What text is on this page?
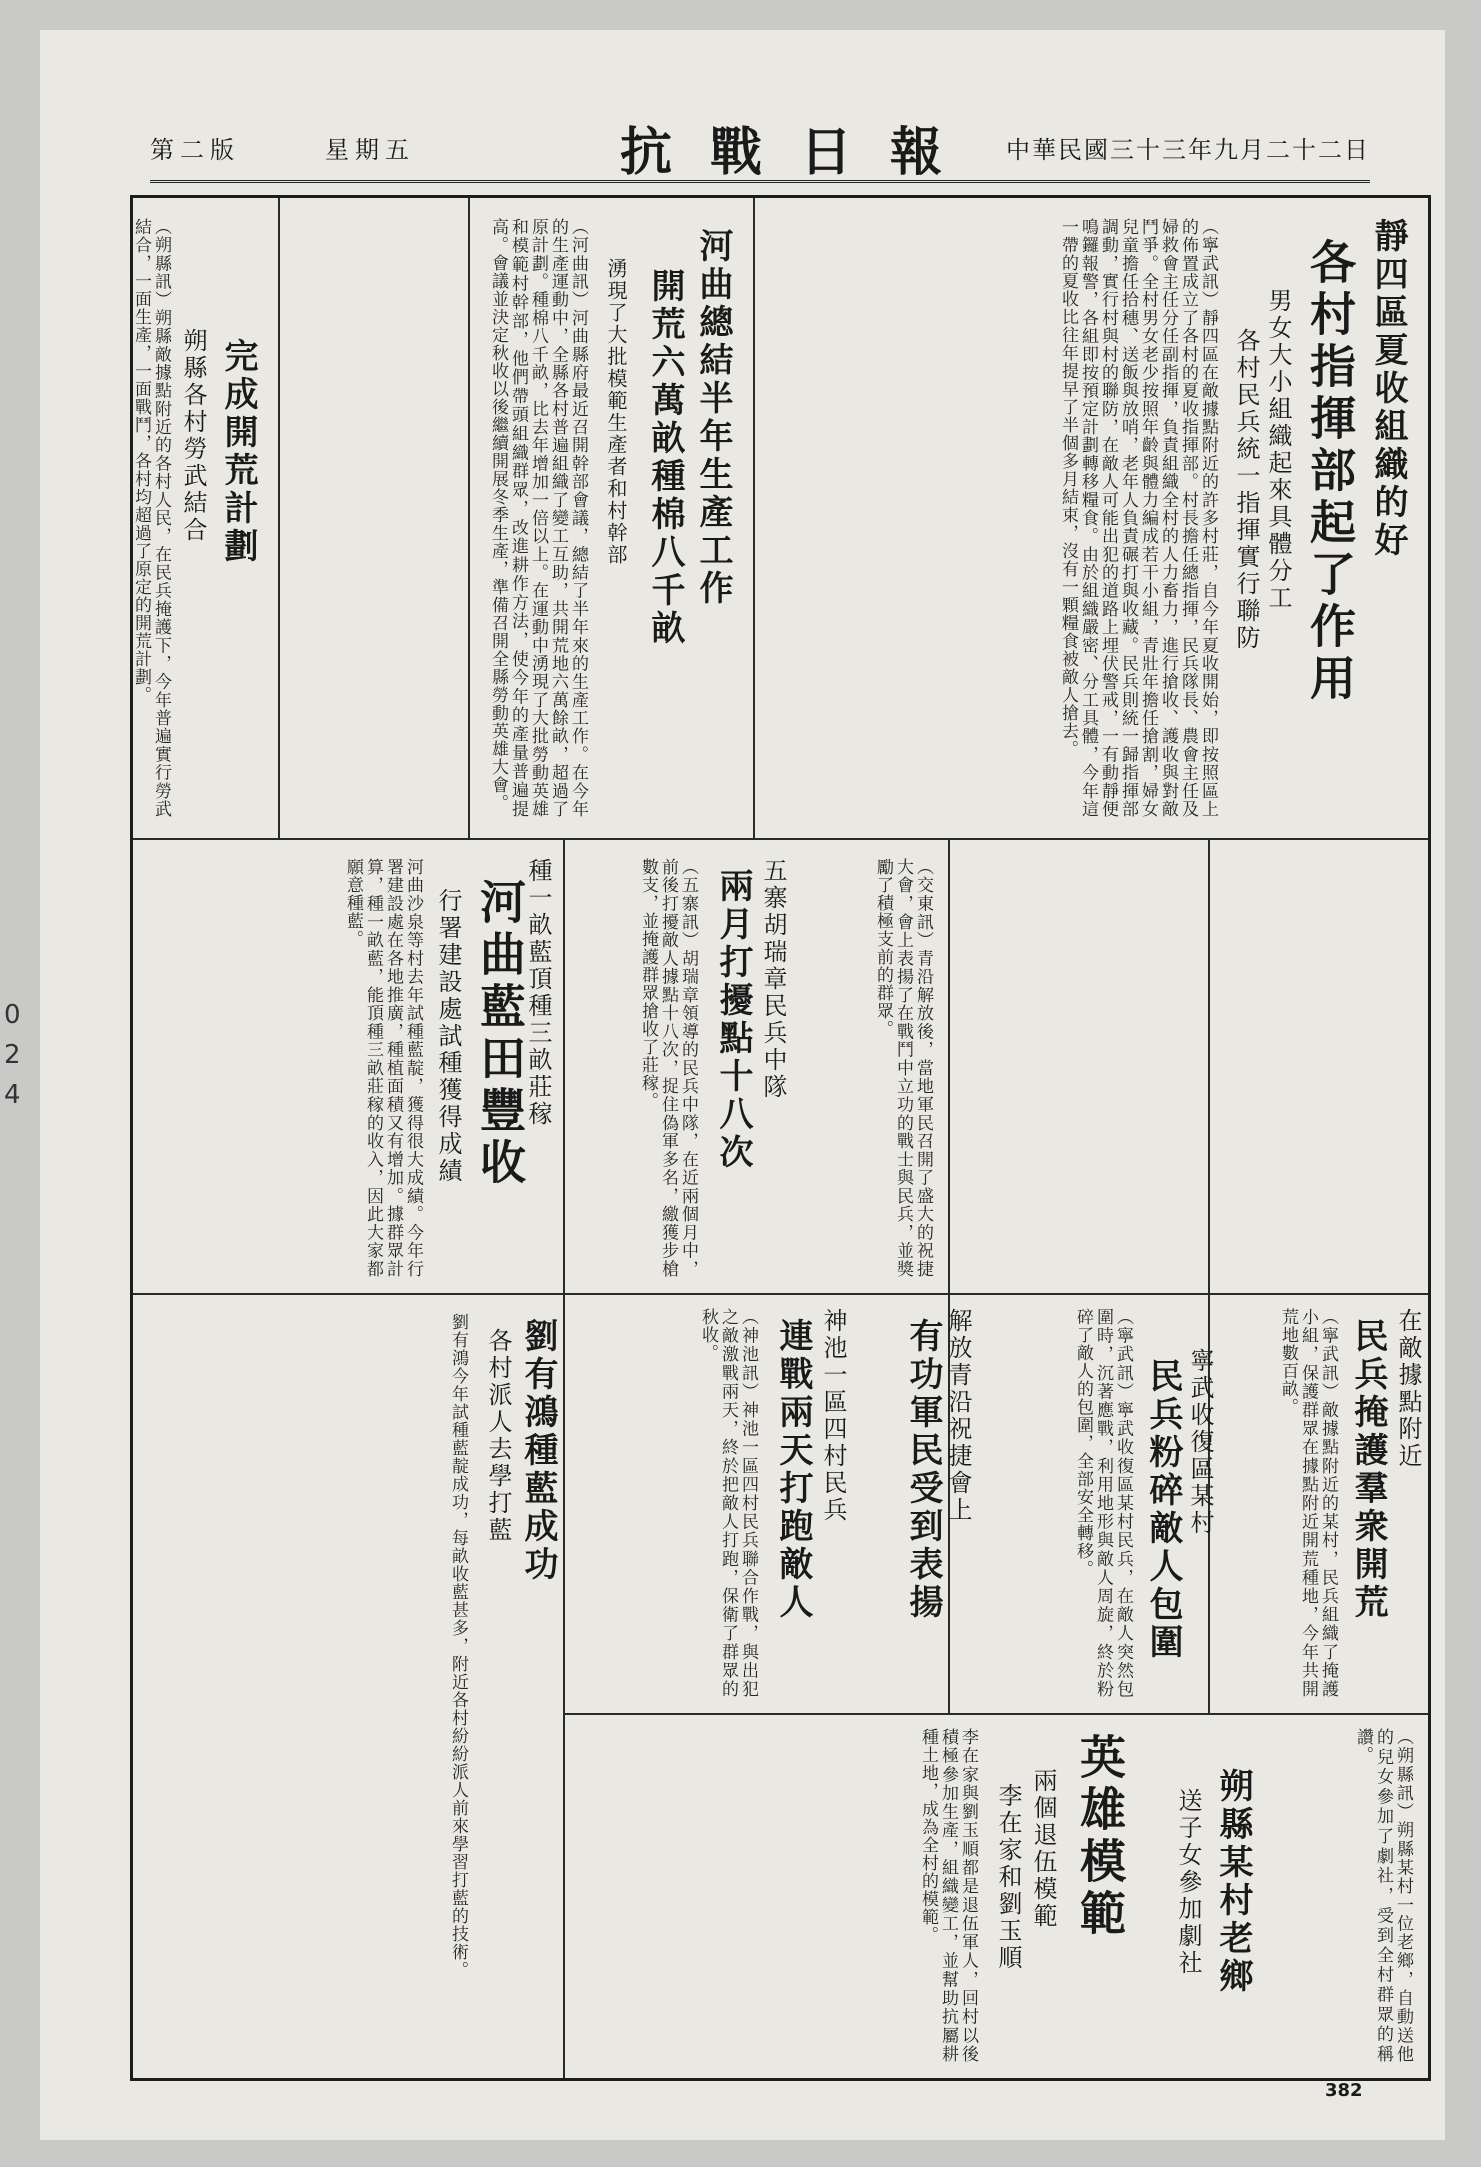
第二版	星期五	抗戰日報 中華民國三十三年九月二十二日
各村指揮部起了作用 靜四區夏收組織的好
男女大小組織起來具體分工
各村民兵統一指揮實行聯防
（寧武訊）靜四區在敵據點附近的許多村莊，自今年夏收開始，即按照區上的佈置成立了各村的夏收指揮部。村長擔任總指揮，民兵隊長、農會主任及婦救會主任分任副指揮，負責組織全村的人力畜力，進行搶收、護收與對敵鬥爭。全村男女老少按照年齡與體力編成若干小組，青壯年擔任搶割，婦女兒童擔任拾穗、送飯與放哨，老年人負責碾打與收藏。民兵則統一歸指揮部調動，實行村與村的聯防，在敵人可能出犯的道路上埋伏警戒，一有動靜便鳴鑼報警，各組即按預定計劃轉移糧食。由於組織嚴密、分工具體，今年這一帶的夏收比往年提早了半個多月結束，沒有一顆糧食被敵人搶去。
河曲總結半年生產工作
開荒六萬畝種棉八千畝
湧現了大批模範生產者和村幹部
（河曲訊）河曲縣府最近召開幹部會議，總結了半年來的生產工作。在今年的生產運動中，全縣各村普遍組織了變工互助，共開荒地六萬餘畝，超過了原計劃。種棉八千畝，比去年增加一倍以上。在運動中湧現了大批勞動英雄和模範村幹部，他們帶頭組織群眾，改進耕作方法，使今年的產量普遍提高。會議並決定秋收以後繼續開展冬季生產，準備召開全縣勞動英雄大會。
完成開荒計劃
朔縣各村勞武結合
（朔縣訊）朔縣敵據點附近的各村人民，在民兵掩護下，今年普遍實行勞武結合，一面生產，一面戰鬥，各村均超過了原定的開荒計劃。
河曲藍田豐收
種一畝藍頂種三畝莊稼
行署建設處試種獲得成績
河曲沙泉等村去年試種藍靛，獲得很大成績。今年行署建設處在各地推廣，種植面積又有增加。據群眾計算，種一畝藍，能頂種三畝莊稼的收入，因此大家都願意種藍。	兩月打擾點十八次 五寨胡瑞章民兵中隊
（五寨訊）胡瑞章領導的民兵中隊，在近兩個月中，前後打擾敵人據點十八次，捉住偽軍多名，繳獲步槍數支，並掩護群眾搶收了莊稼。
有功軍民受到表揚 解放青沿祝捷會上
（交東訊）青沿解放後，當地軍民召開了盛大的祝捷大會，會上表揚了在戰鬥中立功的戰士與民兵，並獎勵了積極支前的群眾。
民兵粉碎敵人包圍 寧武收復區某村
（寧武訊）寧武收復區某村民兵，在敵人突然包圍時，沉著應戰，利用地形與敵人周旋，終於粉碎了敵人的包圍，全部安全轉移。	民兵掩護羣衆開荒 在敵據點附近
（寧武訊）敵據點附近的某村，民兵組織了掩護小組，保護群眾在據點附近開荒種地，今年共開荒地數百畝。
劉有鴻種藍成功
各村派人去學打藍
劉有鴻今年試種藍靛成功，每畝收藍甚多，附近各村紛紛派人前來學習打藍的技術。	連戰兩天打跑敵人 神池一區四村民兵
（神池訊）神池一區四村民兵聯合作戰，與出犯之敵激戰兩天，終於把敵人打跑，保衛了群眾的秋收。
英雄模範
兩個退伍模範
李在家和劉玉順
李在家與劉玉順都是退伍軍人，回村以後積極參加生產，組織變工，並幫助抗屬耕種土地，成為全村的模範。	朔縣某村老鄉
送子女參加劇社	（朔縣訊）朔縣某村一位老鄉，自動送他的兒女參加了劇社，受到全村群眾的稱讚。
382
0
2
4
